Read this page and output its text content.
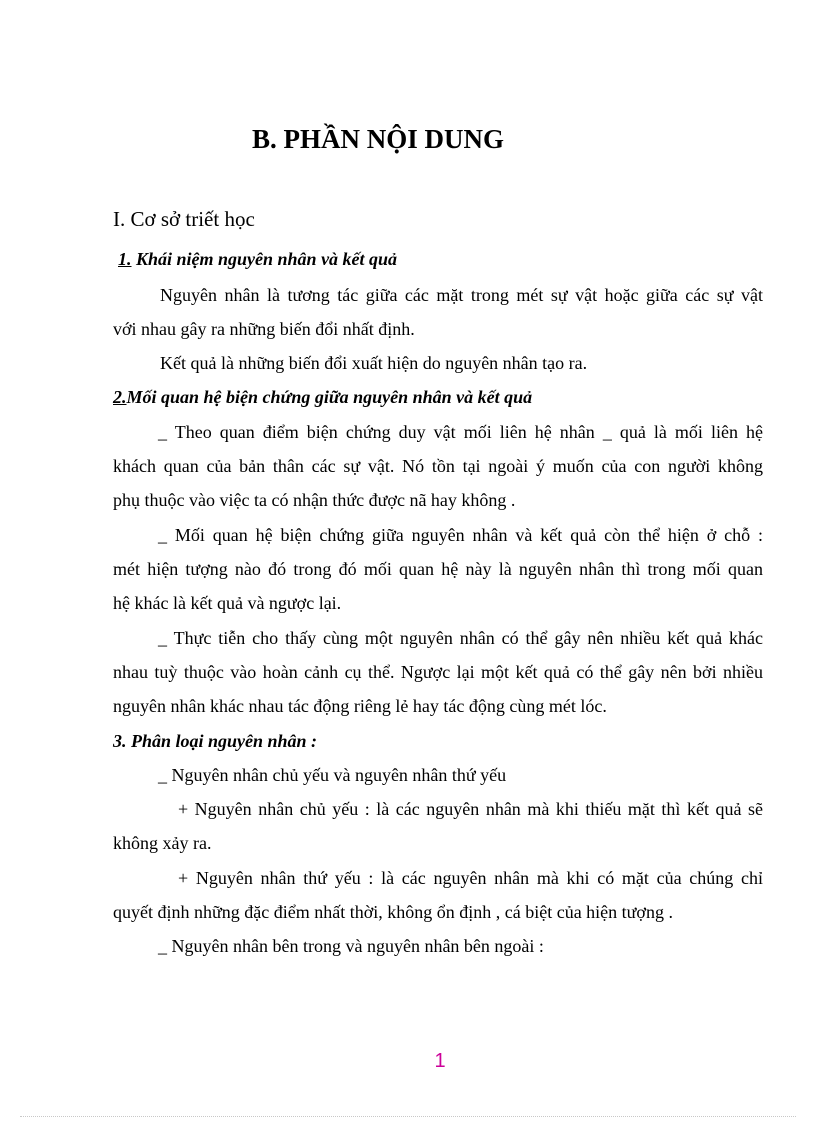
B. PHẦN NỘI DUNG
I. Cơ sở triết học
1. Khái niệm nguyên nhân và kết quả
Nguyên nhân là tương tác giữa các mặt trong mét sự vật hoặc giữa các sự vật
với nhau gây ra những biến đổi nhất định.
Kết quả là những biến đổi xuất hiện do nguyên nhân tạo ra.
2.Mối quan hệ biện chứng giữa nguyên nhân và kết quả
_ Theo quan điểm biện chứng duy vật mối liên hệ nhân _ quả là mối liên hệ
khách quan của bản thân các sự vật. Nó tồn tại ngoài ý muốn của con người không
phụ thuộc vào việc ta có nhận thức được nã hay không .
_ Mối quan hệ biện chứng giữa nguyên nhân và kết quả còn thể hiện ở chỗ :
mét hiện tượng nào đó trong đó mối quan hệ này là nguyên nhân thì trong mối quan
hệ khác là kết quả và ngược lại.
_ Thực tiễn cho thấy cùng một nguyên nhân có thể gây nên nhiều kết quả khác
nhau tuỳ thuộc vào hoàn cảnh cụ thể. Ngược lại một kết quả có thể gây nên bởi nhiều
nguyên nhân khác nhau tác động riêng lẻ hay tác động cùng mét lóc.
3. Phân loại nguyên nhân :
_ Nguyên nhân chủ yếu và nguyên nhân thứ yếu
+ Nguyên nhân chủ yếu : là các nguyên nhân mà khi thiếu mặt thì kết quả sẽ
không xảy ra.
+ Nguyên nhân thứ yếu : là các nguyên nhân mà khi có mặt của chúng chỉ
quyết định những đặc điểm nhất thời, không ổn định , cá biệt của hiện tượng .
_ Nguyên nhân bên trong và nguyên nhân bên ngoài :
1
